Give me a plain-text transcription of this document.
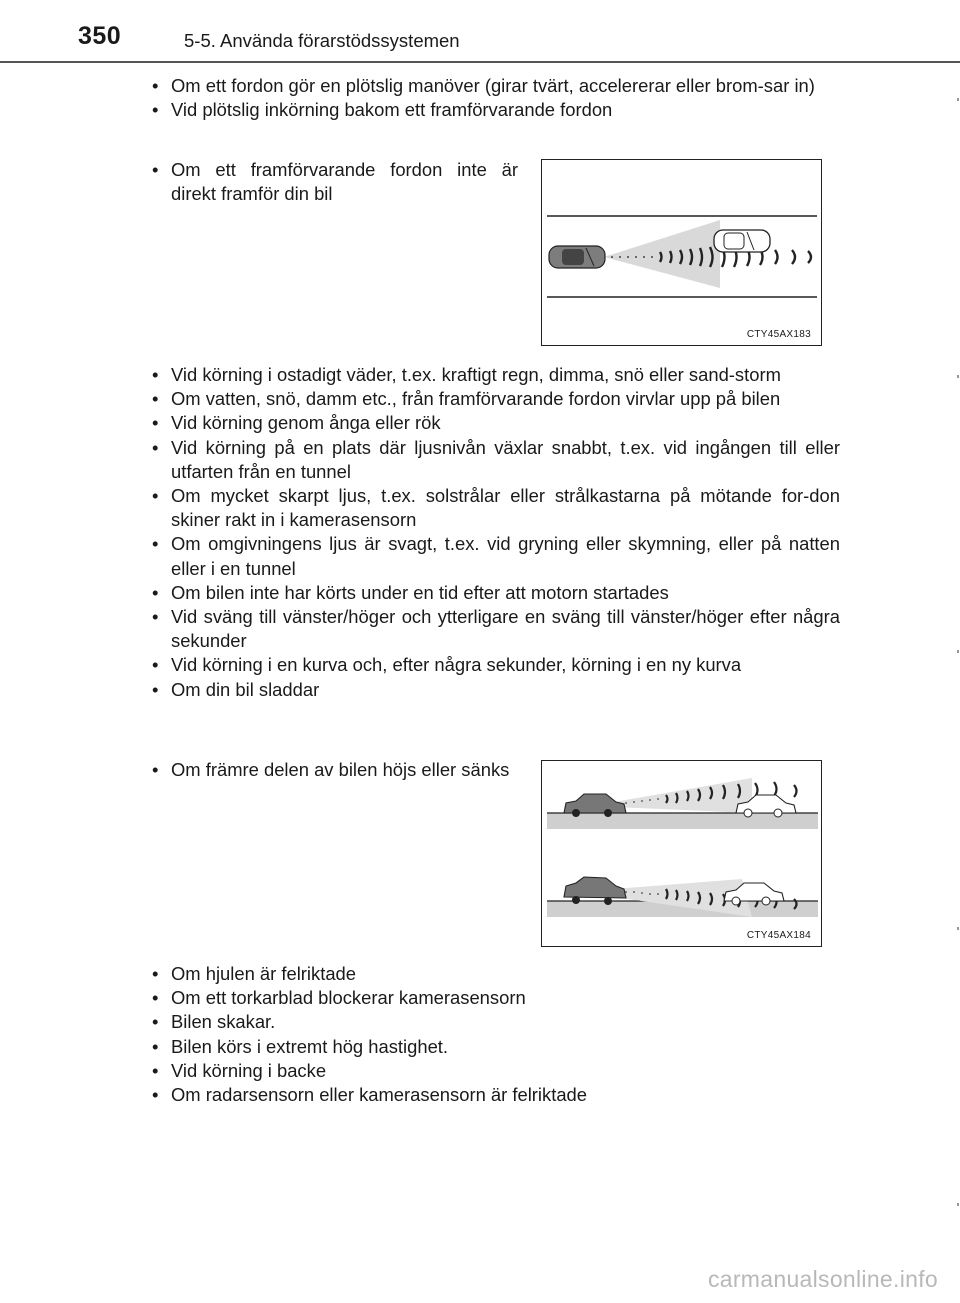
350	5-5. Använda förarstödssystemen
• Om ett fordon gör en plötslig manöver (girar tvärt, accelererar eller brom-sar in)
• Vid plötslig inkörning bakom ett framförvarande fordon
• Om ett framförvarande fordon inte är direkt framför din bil
CTY45AX183
• Vid körning i ostadigt väder, t.ex. kraftigt regn, dimma, snö eller sand-storm
• Om vatten, snö, damm etc., från framförvarande fordon virvlar upp på bilen
• Vid körning genom ånga eller rök
• Vid körning på en plats där ljusnivån växlar snabbt, t.ex. vid ingången till eller utfarten från en tunnel
• Om mycket skarpt ljus, t.ex. solstrålar eller strålkastarna på mötande for-don skiner rakt in i kamerasensorn
• Om omgivningens ljus är svagt, t.ex. vid gryning eller skymning, eller på natten eller i en tunnel
• Om bilen inte har körts under en tid efter att motorn startades
• Vid sväng till vänster/höger och ytterligare en sväng till vänster/höger efter några sekunder
• Vid körning i en kurva och, efter några sekunder, körning i en ny kurva
• Om din bil sladdar
• Om främre delen av bilen höjs eller sänks
CTY45AX184
• Om hjulen är felriktade
• Om ett torkarblad blockerar kamerasensorn
• Bilen skakar.
• Bilen körs i extremt hög hastighet.
• Vid körning i backe
• Om radarsensorn eller kamerasensorn är felriktade
carmanualsonline.info
